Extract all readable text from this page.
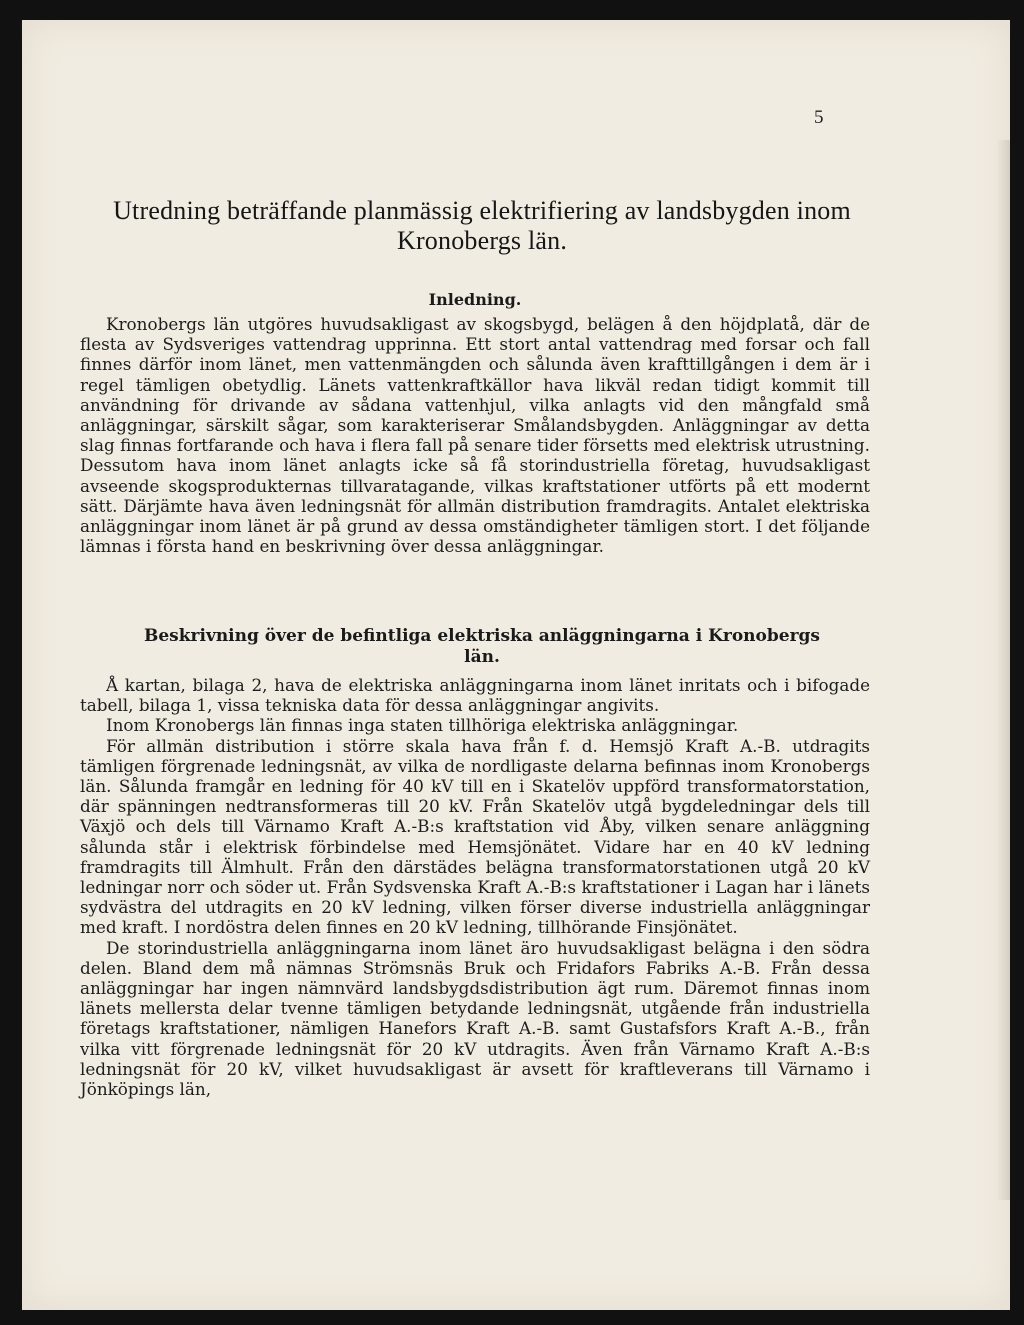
5
Utredning beträffande planmässig elektrifiering av landsbygden inom Kronobergs län.
Inledning.

Kronobergs län utgöres huvudsakligast av skogsbygd, belägen å den höjdplatå, där de flesta av Sydsveriges vattendrag upprinna. Ett stort antal vattendrag med forsar och fall finnes därför inom länet, men vattenmängden och sålunda även krafttillgången i dem är i regel tämligen obetydlig. Länets vattenkraftkällor hava likväl redan tidigt kommit till användning för drivande av sådana vattenhjul, vilka anlagts vid den mångfald små anläggningar, särskilt sågar, som karakteriserar Smålandsbygden. Anläggningar av detta slag finnas fortfarande och hava i flera fall på senare tider försetts med elektrisk utrustning. Dessutom hava inom länet anlagts icke så få storindustriella företag, huvudsakligast avseende skogsprodukternas tillvaratagande, vilkas kraftstationer utförts på ett modernt sätt. Därjämte hava även ledningsnät för allmän distribution framdragits. Antalet elektriska anläggningar inom länet är på grund av dessa omständigheter tämligen stort. I det följande lämnas i första hand en beskrivning över dessa anläggningar.

Beskrivning över de befintliga elektriska anläggningarna i Kronobergs län.

Å kartan, bilaga 2, hava de elektriska anläggningarna inom länet inritats och i bifogade tabell, bilaga 1, vissa tekniska data för dessa anläggningar angivits.

Inom Kronobergs län finnas inga staten tillhöriga elektriska anläggningar.

För allmän distribution i större skala hava från f. d. Hemsjö Kraft A.-B. utdragits tämligen förgrenade ledningsnät, av vilka de nordligaste delarna befinnas inom Kronobergs län. Sålunda framgår en ledning för 40 kV till en i Skatelöv uppförd transformatorstation, där spänningen nedtransformeras till 20 kV. Från Skatelöv utgå bygdeledningar dels till Växjö och dels till Värnamo Kraft A.-B:s kraftstation vid Åby, vilken senare anläggning sålunda står i elektrisk förbindelse med Hemsjönätet. Vidare har en 40 kV ledning framdragits till Älmhult. Från den därstädes belägna transformatorstationen utgå 20 kV ledningar norr och söder ut. Från Sydsvenska Kraft A.-B:s kraftstationer i Lagan har i länets sydvästra del utdragits en 20 kV ledning, vilken förser diverse industriella anläggningar med kraft. I nordöstra delen finnes en 20 kV ledning, tillhörande Finsjönätet.

De storindustriella anläggningarna inom länet äro huvudsakligast belägna i den södra delen. Bland dem må nämnas Strömsnäs Bruk och Fridafors Fabriks A.-B. Från dessa anläggningar har ingen nämnvärd landsbygdsdistribution ägt rum. Däremot finnas inom länets mellersta delar tvenne tämligen betydande ledningsnät, utgående från industriella företags kraftstationer, nämligen Hanefors Kraft A.-B. samt Gustafsfors Kraft A.-B., från vilka vitt förgrenade ledningsnät för 20 kV utdragits. Även från Värnamo Kraft A.-B:s ledningsnät för 20 kV, vilket huvudsakligast är avsett för kraftleverans till Värnamo i Jönköpings län,
